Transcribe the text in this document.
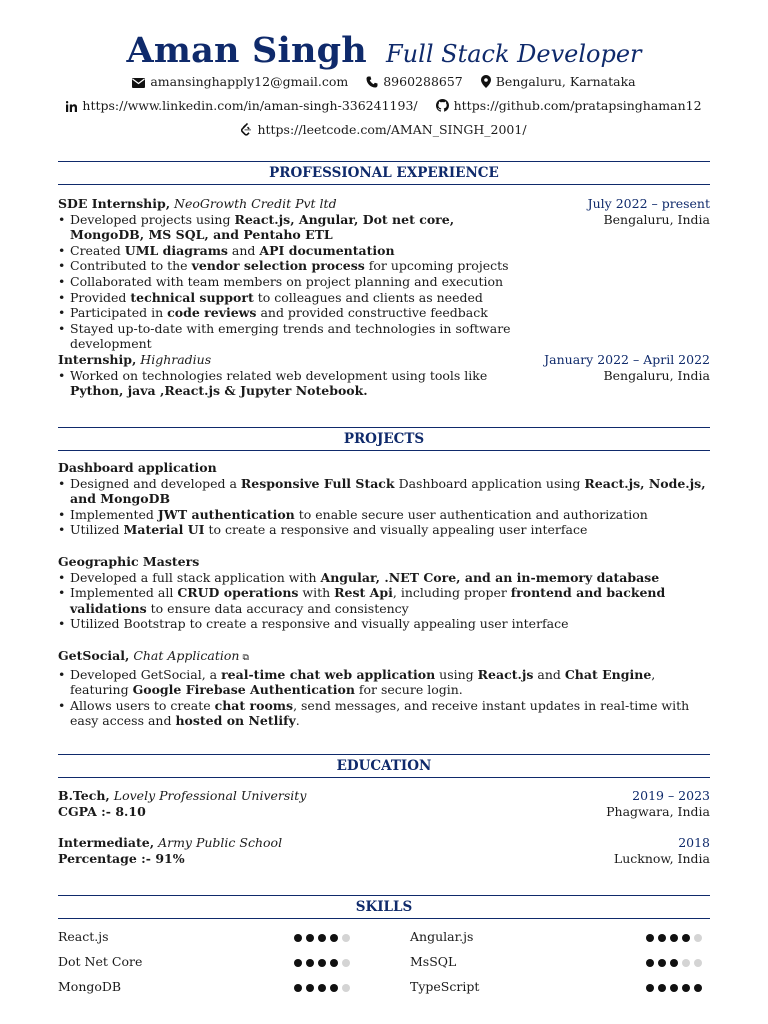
Aman Singh Full Stack Developer
amansinghapply12@gmail.com	8960288657	Bengaluru, Karnataka
https://www.linkedin.com/in/aman-singh-336241193/	https://github.com/pratapsinghaman12
https://leetcode.com/AMAN_SINGH_2001/
PROFESSIONAL EXPERIENCE
SDE Internship, NeoGrowth Credit Pvt ltd	July 2022 – present
Bengaluru, India
• Developed projects using React.js, Angular, Dot net core, MongoDB, MS SQL, and Pentaho ETL
• Created UML diagrams and API documentation
• Contributed to the vendor selection process for upcoming projects
• Collaborated with team members on project planning and execution
• Provided technical support to colleagues and clients as needed
• Participated in code reviews and provided constructive feedback
• Stayed up-to-date with emerging trends and technologies in software development
Internship, Highradius	January 2022 – April 2022
Bengaluru, India
• Worked on technologies related web development using tools like Python, java ,React.js & Jupyter Notebook.
PROJECTS
Dashboard application
• Designed and developed a Responsive Full Stack Dashboard application using React.js, Node.js, and MongoDB
• Implemented JWT authentication to enable secure user authentication and authorization
• Utilized Material UI to create a responsive and visually appealing user interface
Geographic Masters
• Developed a full stack application with Angular, .NET Core, and an in-memory database
• Implemented all CRUD operations with Rest Api, including proper frontend and backend validations to ensure data accuracy and consistency
• Utilized Bootstrap to create a responsive and visually appealing user interface
GetSocial, Chat Application ⧉
• Developed GetSocial, a real-time chat web application using React.js and Chat Engine, featuring Google Firebase Authentication for secure login.
• Allows users to create chat rooms, send messages, and receive instant updates in real-time with easy access and hosted on Netlify.
EDUCATION
B.Tech, Lovely Professional University	2019 – 2023
CGPA :- 8.10	Phagwara, India
Intermediate, Army Public School	2018
Percentage :- 91%	Lucknow, India
SKILLS
React.js	Angular.js
Dot Net Core	MsSQL
MongoDB	TypeScript
